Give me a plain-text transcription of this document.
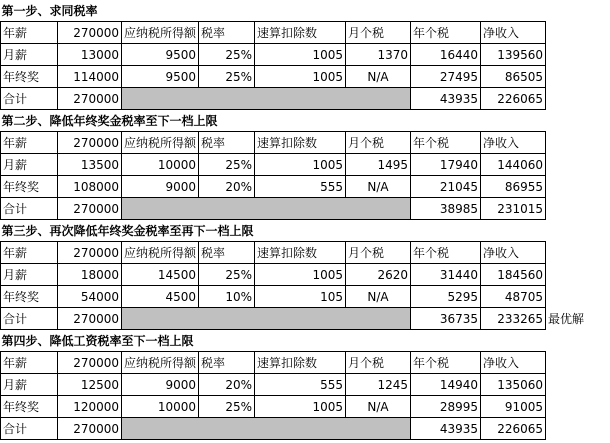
第一步、求同税率								
年薪	270000	应纳税所得额	税率	速算扣除数	月个税	年个税	净收入	
月薪	13000	9500	25%	1005	1370	16440	139560	
年终奖	114000	9500	25%	1005	N/A	27495	86505	
合计	270000					43935	226065	
第二步、降低年终奖金税率至下一档上限								
年薪	270000	应纳税所得额	税率	速算扣除数	月个税	年个税	净收入	
月薪	13500	10000	25%	1005	1495	17940	144060	
年终奖	108000	9000	20%	555	N/A	21045	86955	
合计	270000					38985	231015	
第三步、再次降低年终奖金税率至再下一档上限								
年薪	270000	应纳税所得额	税率	速算扣除数	月个税	年个税	净收入	
月薪	18000	14500	25%	1005	2620	31440	184560	
年终奖	54000	4500	10%	105	N/A	5295	48705	
合计	270000					36735	233265	最优解
第四步、降低工资税率至下一档上限								
年薪	270000	应纳税所得额	税率	速算扣除数	月个税	年个税	净收入	
月薪	12500	9000	20%	555	1245	14940	135060	
年终奖	120000	10000	25%	1005	N/A	28995	91005	
合计	270000					43935	226065	
